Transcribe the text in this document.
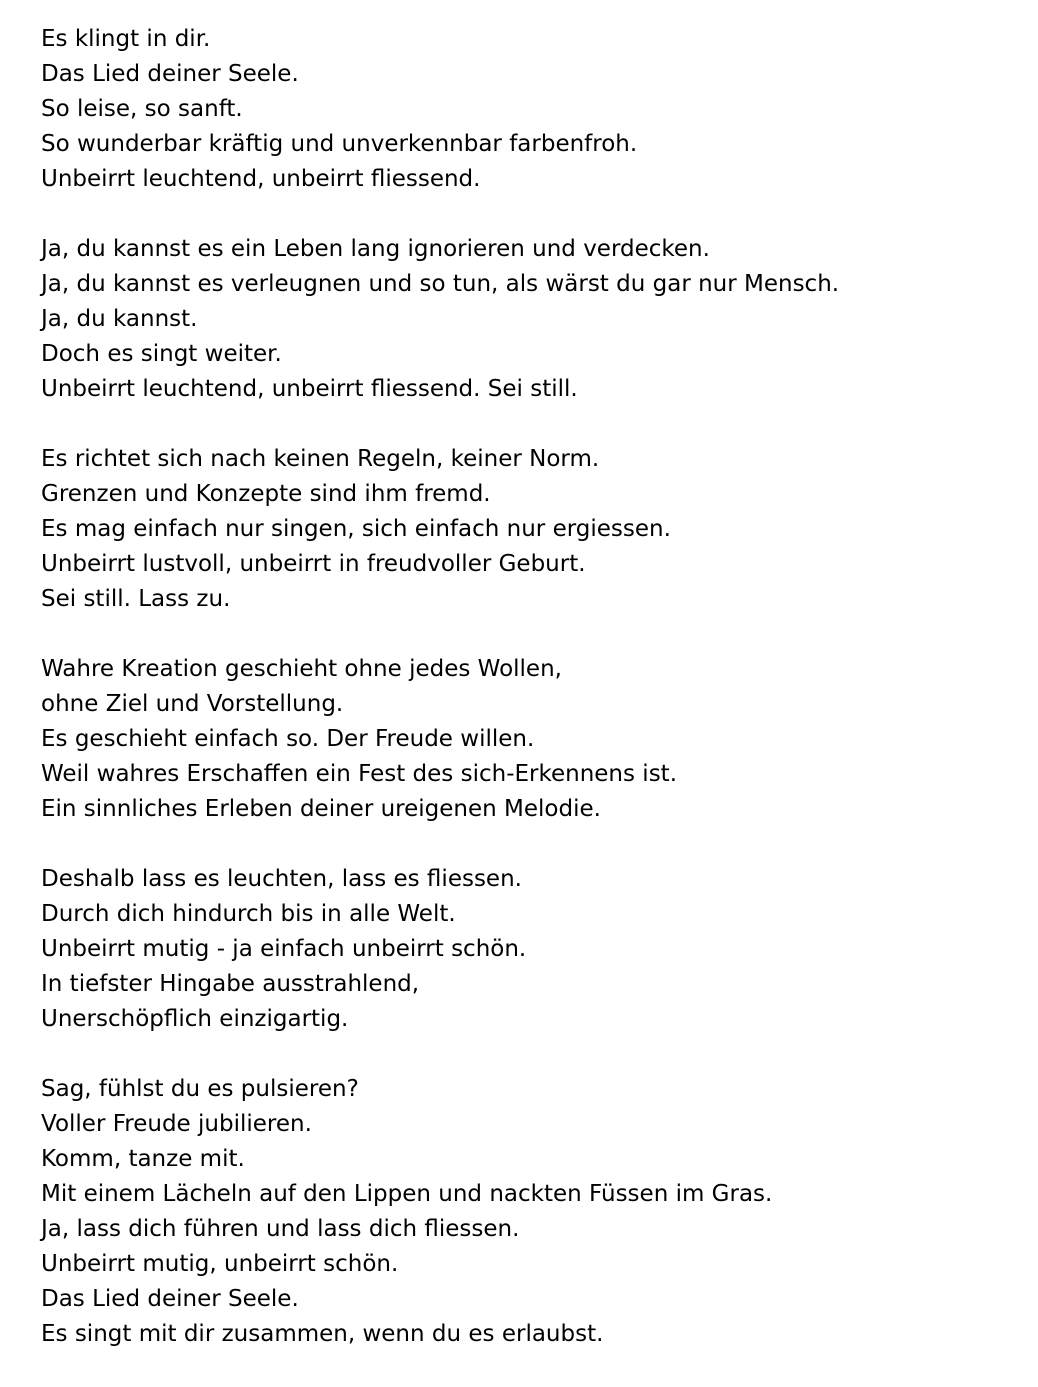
Es klingt in dir.
Das Lied deiner Seele.
So leise, so sanft.
So wunderbar kräftig und unverkennbar farbenfroh.
Unbeirrt leuchtend, unbeirrt fliessend.
Ja, du kannst es ein Leben lang ignorieren und verdecken.
Ja, du kannst es verleugnen und so tun, als wärst du gar nur Mensch.
Ja, du kannst.
Doch es singt weiter.
Unbeirrt leuchtend, unbeirrt fliessend. Sei still.
Es richtet sich nach keinen Regeln, keiner Norm.
Grenzen und Konzepte sind ihm fremd.
Es mag einfach nur singen, sich einfach nur ergiessen.
Unbeirrt lustvoll, unbeirrt in freudvoller Geburt.
Sei still. Lass zu.
Wahre Kreation geschieht ohne jedes Wollen,
ohne Ziel und Vorstellung.
Es geschieht einfach so. Der Freude willen.
Weil wahres Erschaffen ein Fest des sich-Erkennens ist.
Ein sinnliches Erleben deiner ureigenen Melodie.
Deshalb lass es leuchten, lass es fliessen.
Durch dich hindurch bis in alle Welt.
Unbeirrt mutig - ja einfach unbeirrt schön.
In tiefster Hingabe ausstrahlend,
Unerschöpflich einzigartig.
Sag, fühlst du es pulsieren?
Voller Freude jubilieren.
Komm, tanze mit.
Mit einem Lächeln auf den Lippen und nackten Füssen im Gras.
Ja, lass dich führen und lass dich fliessen.
Unbeirrt mutig, unbeirrt schön.
Das Lied deiner Seele.
Es singt mit dir zusammen, wenn du es erlaubst.
